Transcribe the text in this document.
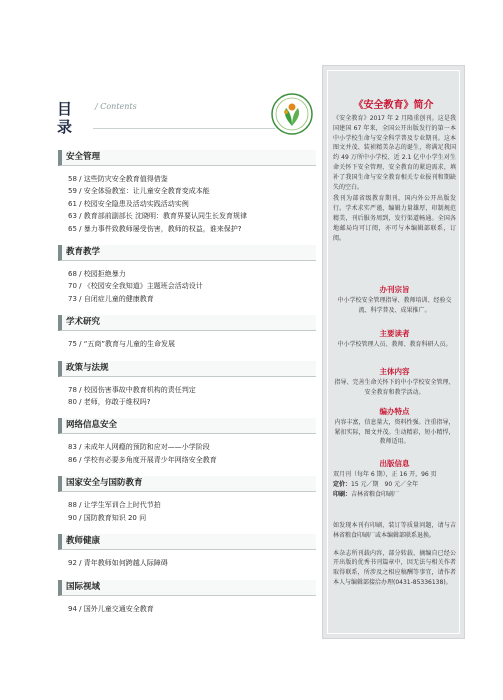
目录
/ Contents
安全管理
58 / 这些防灾安全教育值得借鉴
59 / 安全体验教室：让儿童安全教育变成本能
61 / 校园安全隐患及活动实践活动实例
63 / 教育部前副部长 沈晓明：教育界要认同生长发育规律
65 / 暴力事件致教师屡受伤害，教师的权益，谁来保护?
教育教学
68 / 校园拒绝暴力
70 / 《校园安全我知道》主题班会活动设计
73 / 自闭症儿童的健康教育
学术研究
75 / “五商”教育与儿童的生命发展
政策与法规
78 / 校园伤害事故中教育机构的责任判定
80 / 老师，你敢于维权吗?
网络信息安全
83 / 未成年人网瘾的预防和应对——小学阶段
86 / 学校有必要多角度开展青少年网络安全教育
国家安全与国防教育
88 / 让学生军训合上时代节拍
90 / 国防教育知识 20 问
教师健康
92 / 青年教师如何跨越人际障碍
国际视域
94 / 国外儿童交通安全教育
《安全教育》简介
《安全教育》2017 年 2 月隆重创刊。这是我国建国 67 年来，全国公开出版发行的第一本中小学校生命与安全科学普及专业期刊。这本图文并茂、装祯精美杂志的诞生，将满足我国约 49 万所中小学校、近 2.1 亿中小学生对生命关怀下安全管理、安全教育的紧迫需求，填补了我国生命与安全教育相关专业报刊和期缺失的空白。
我刊为部省级教育期刊，国内外公开出版发行。学术求实严谨，编辑力量雄厚，印制规范精美，刊后服务周到，发行渠道畅通。全国各地邮局均可订阅，亦可与本编辑部联系，订阅。
办刊宗旨
中小学校安全管理指导、教师培训、经验交流、科学普及、成果推广。
主要读者
中小学校管理人员、教师、教育科研人员。
主体内容
指导、完善生命关怀下的中小学校安全管理、安全教育和教学活动。
编办特点
内容丰富，信息量大，资料性强。注重指导，紧扣实际，图文并茂。生动精彩，短小精悍，教师适用。
出版信息
双月刊（每年 6 期），正 16 开，96 页
定价：15 元／期　90 元／全年
印刷：吉林省粮食印刷厂
如发现本刊有印刷、装订等质量问题，请与吉林省粮食印刷厂或本编辑部联系退换。
本杂志所刊载内容，部分转载、摘编自已经公开出版的优秀书刊篇章中，因无法与相关作者取得联系，所涉及之相应稿酬等事宜，请作者本人与编辑部接洽办理(0431-85336138)。
